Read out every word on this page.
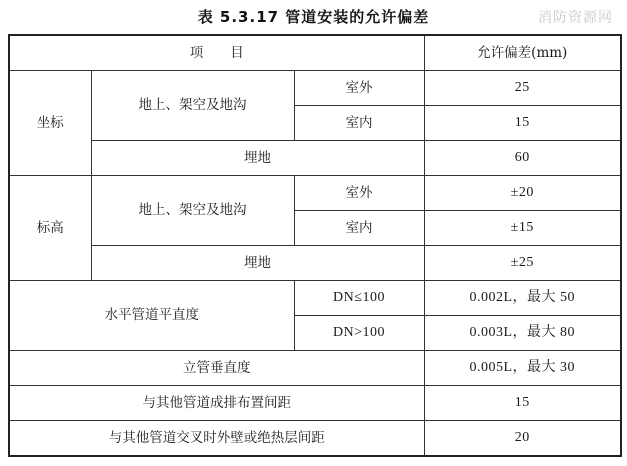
表 5.3.17 管道安装的允许偏差	消防资源网
项　　目			允许偏差(mm)
坐标	地上、架空及地沟	室外	25
		室内	15
	埋地		60
标高	地上、架空及地沟	室外	±20
		室内	±15
	埋地		±25
水平管道平直度		DN≤100	0.002L，最大 50
		DN>100	0.003L，最大 80
立管垂直度			0.005L，最大 30
与其他管道成排布置间距			15
与其他管道交叉时外壁或绝热层间距			20
